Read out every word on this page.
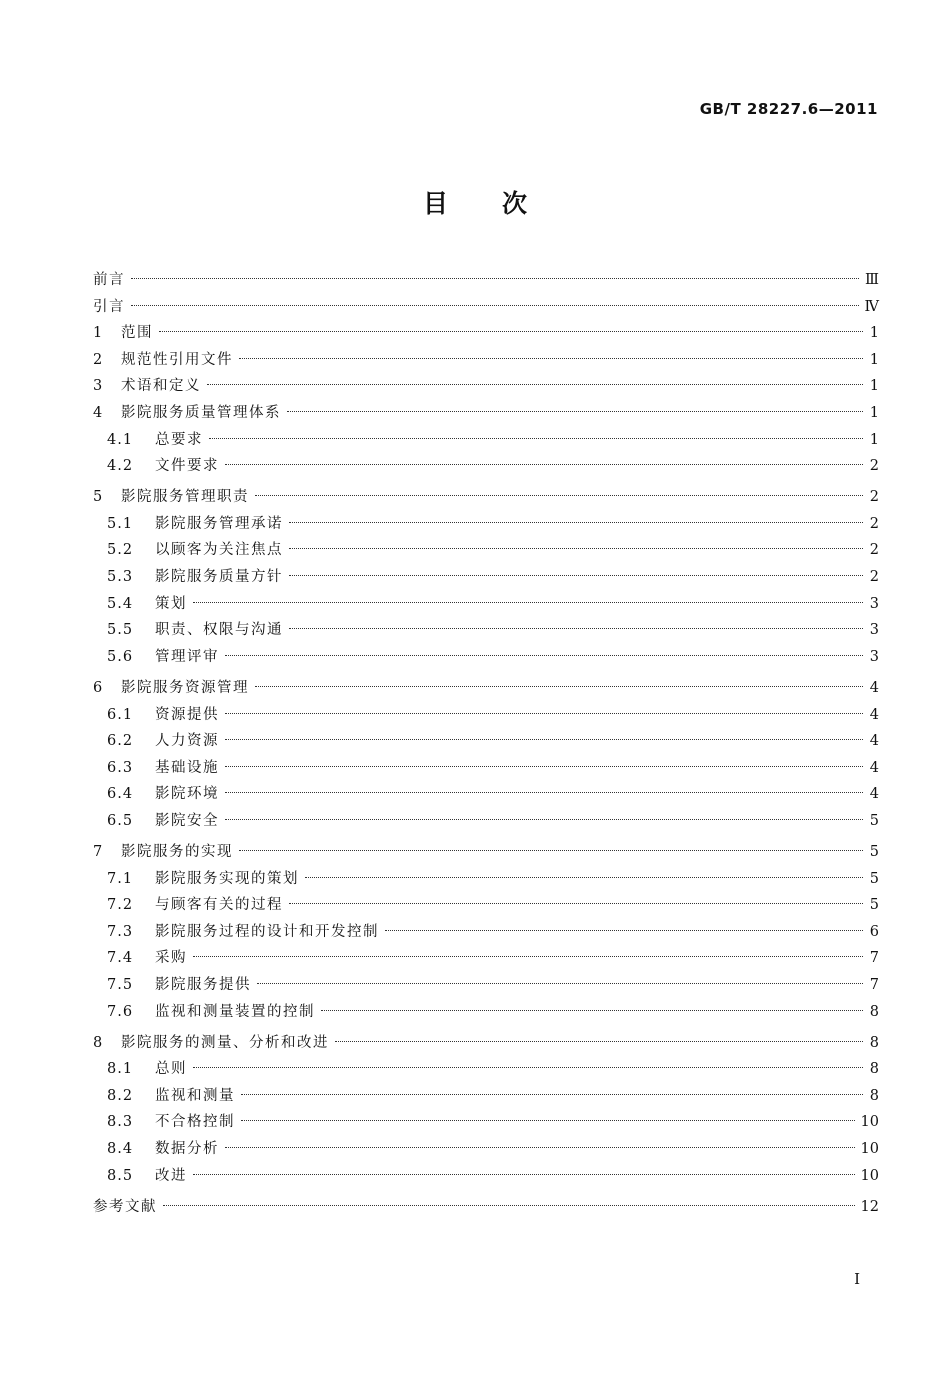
GB/T 28227.6—2011
目次
前言	Ⅲ
引言	Ⅳ
1	范围	1
2	规范性引用文件	1
3	术语和定义	1
4	影院服务质量管理体系	1
4.1	总要求	1
4.2	文件要求	2
5	影院服务管理职责	2
5.1	影院服务管理承诺	2
5.2	以顾客为关注焦点	2
5.3	影院服务质量方针	2
5.4	策划	3
5.5	职责、权限与沟通	3
5.6	管理评审	3
6	影院服务资源管理	4
6.1	资源提供	4
6.2	人力资源	4
6.3	基础设施	4
6.4	影院环境	4
6.5	影院安全	5
7	影院服务的实现	5
7.1	影院服务实现的策划	5
7.2	与顾客有关的过程	5
7.3	影院服务过程的设计和开发控制	6
7.4	采购	7
7.5	影院服务提供	7
7.6	监视和测量装置的控制	8
8	影院服务的测量、分析和改进	8
8.1	总则	8
8.2	监视和测量	8
8.3	不合格控制	10
8.4	数据分析	10
8.5	改进	10
参考文献	12
I
